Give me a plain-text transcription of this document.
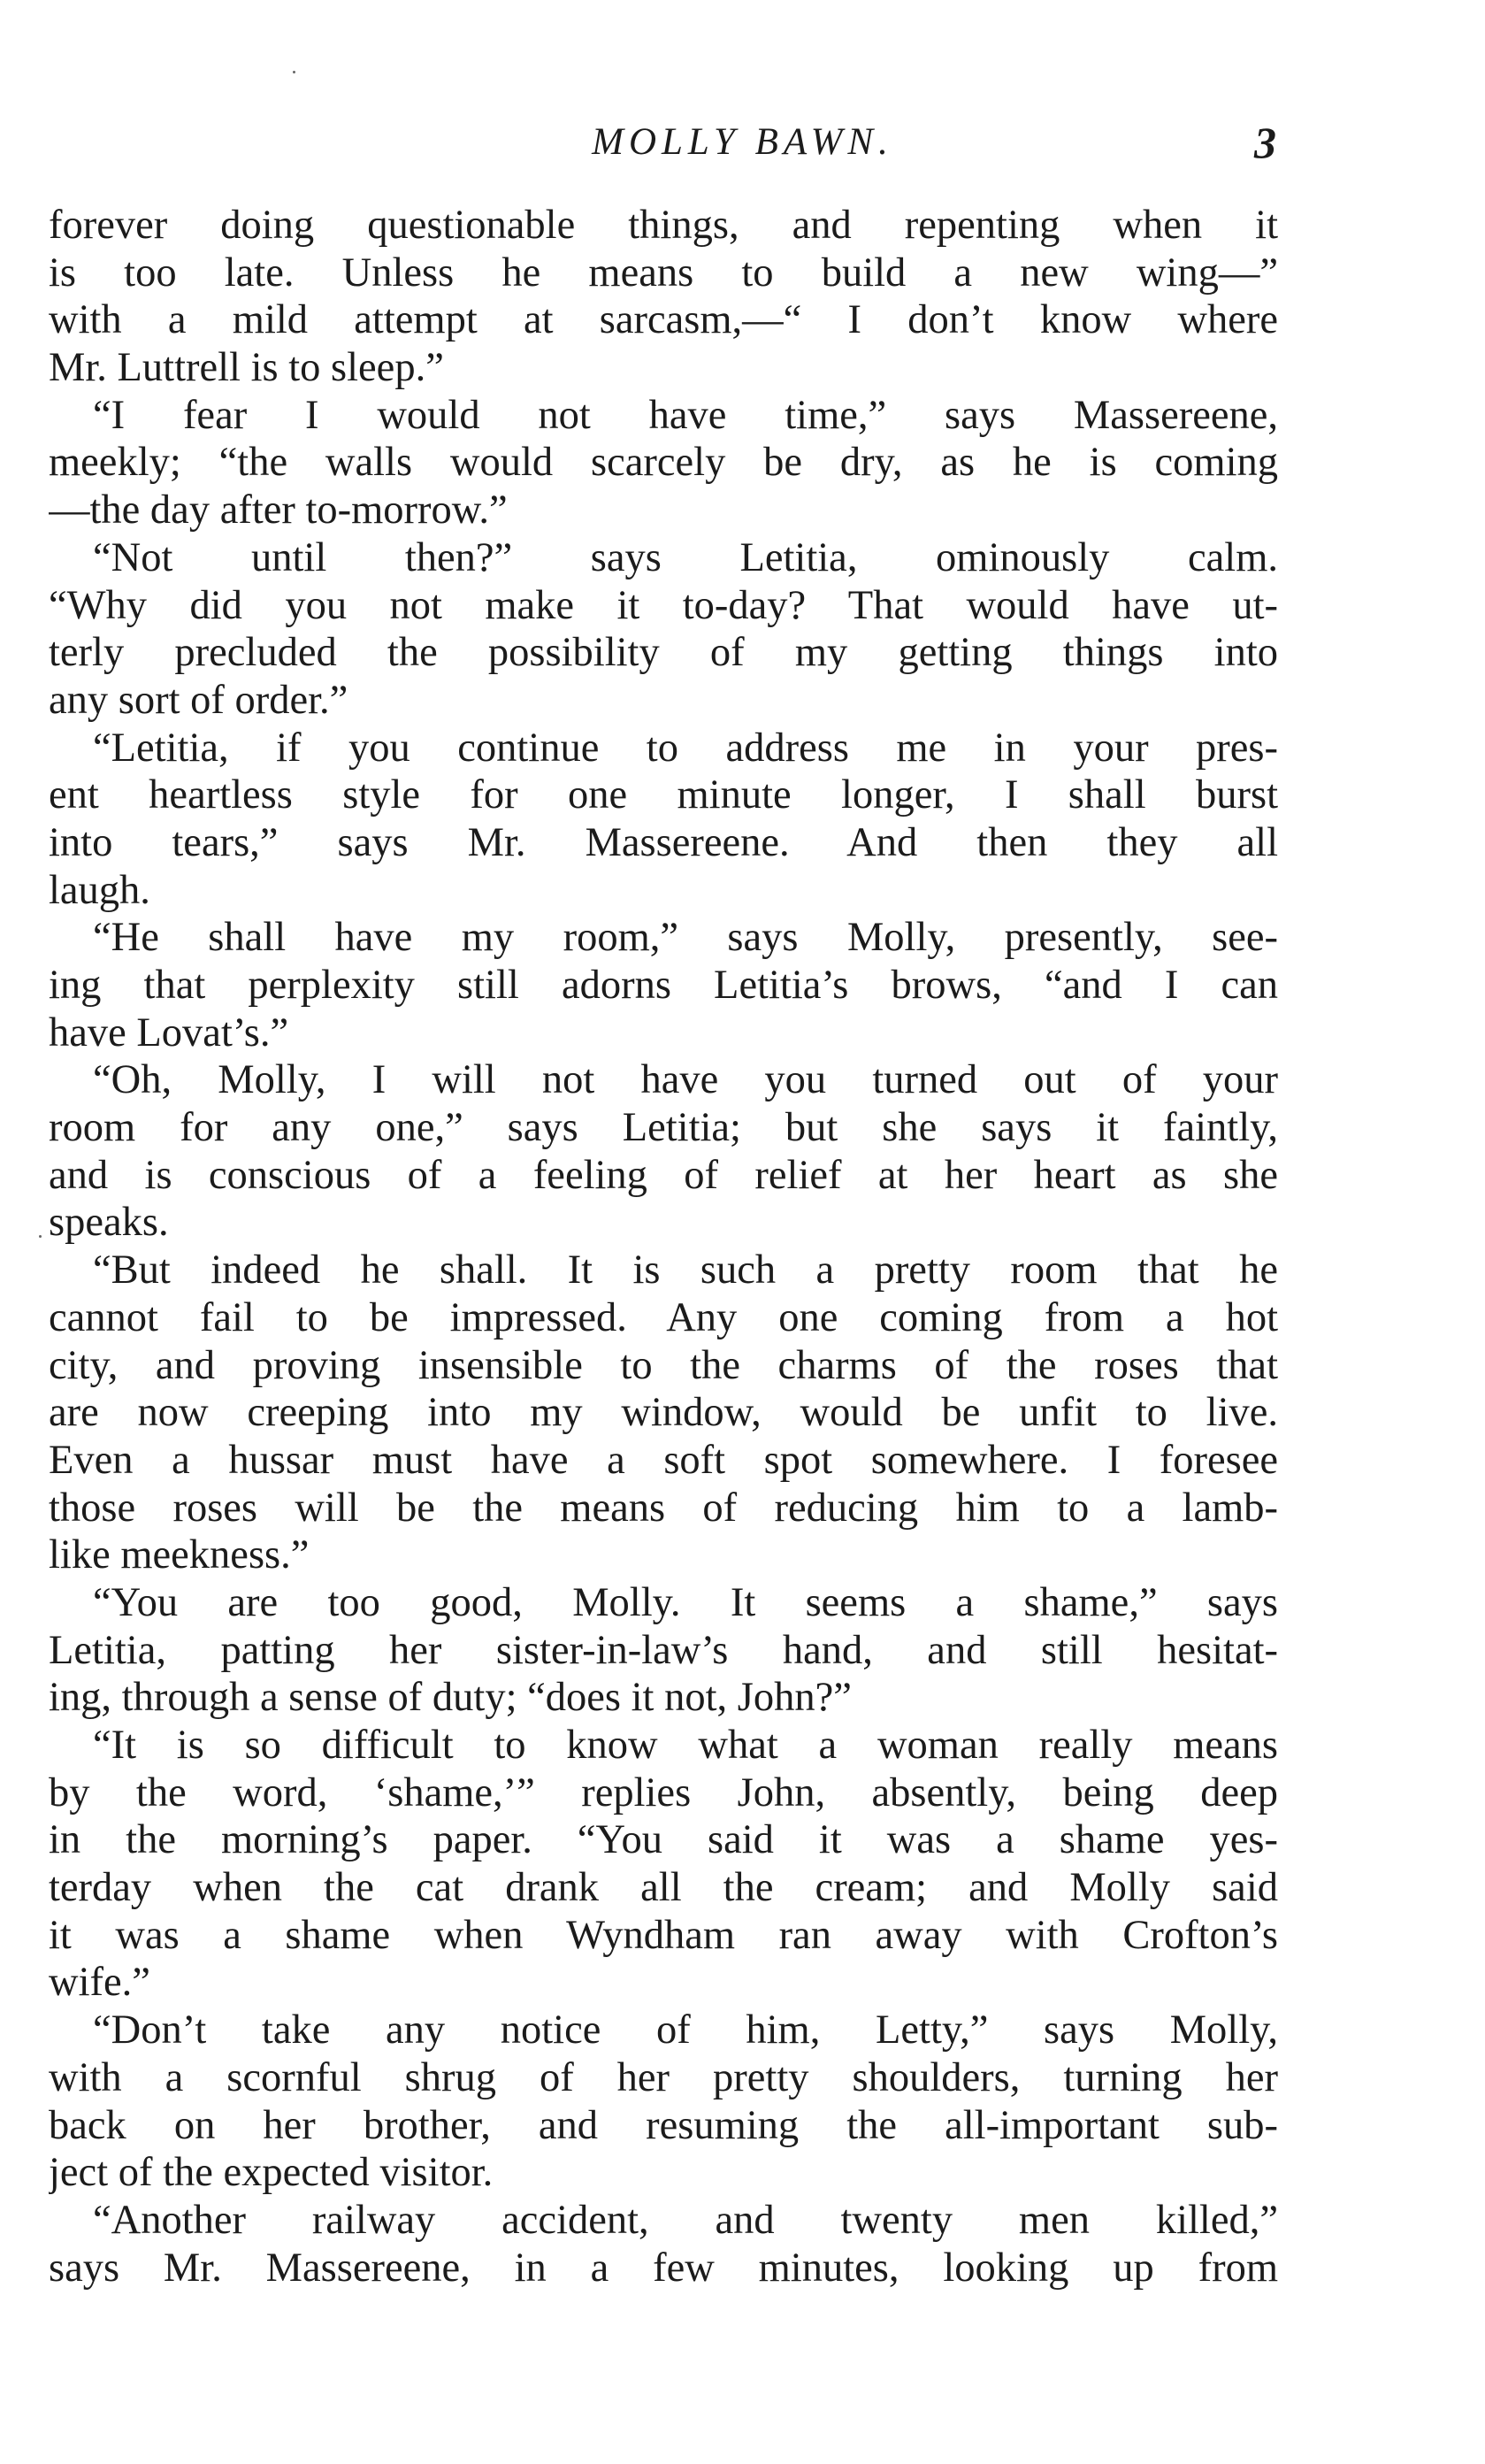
MOLLY BAWN.	3
forever doing questionable things, and repenting when it
is too late. Unless he means to build a new wing—”
with a mild attempt at sarcasm,—“ I don’t know where
Mr. Luttrell is to sleep.”
“I fear I would not have time,” says Massereene,
meekly; “the walls would scarcely be dry, as he is coming
—the day after to-morrow.”
“Not until then?” says Letitia, ominously calm.
“Why did you not make it to-day? That would have ut-
terly precluded the possibility of my getting things into
any sort of order.”
“Letitia, if you continue to address me in your pres-
ent heartless style for one minute longer, I shall burst
into tears,” says Mr. Massereene. And then they all
laugh.
“He shall have my room,” says Molly, presently, see-
ing that perplexity still adorns Letitia’s brows, “and I can
have Lovat’s.”
“Oh, Molly, I will not have you turned out of your
room for any one,” says Letitia; but she says it faintly,
and is conscious of a feeling of relief at her heart as she
speaks.
“But indeed he shall. It is such a pretty room that he
cannot fail to be impressed. Any one coming from a hot
city, and proving insensible to the charms of the roses that
are now creeping into my window, would be unfit to live.
Even a hussar must have a soft spot somewhere. I foresee
those roses will be the means of reducing him to a lamb-
like meekness.”
“You are too good, Molly. It seems a shame,” says
Letitia, patting her sister-in-law’s hand, and still hesitat-
ing, through a sense of duty; “does it not, John?”
“It is so difficult to know what a woman really means
by the word, ‘shame,’” replies John, absently, being deep
in the morning’s paper. “You said it was a shame yes-
terday when the cat drank all the cream; and Molly said
it was a shame when Wyndham ran away with Crofton’s
wife.”
“Don’t take any notice of him, Letty,” says Molly,
with a scornful shrug of her pretty shoulders, turning her
back on her brother, and resuming the all-important sub-
ject of the expected visitor.
“Another railway accident, and twenty men killed,”
says Mr. Massereene, in a few minutes, looking up from
